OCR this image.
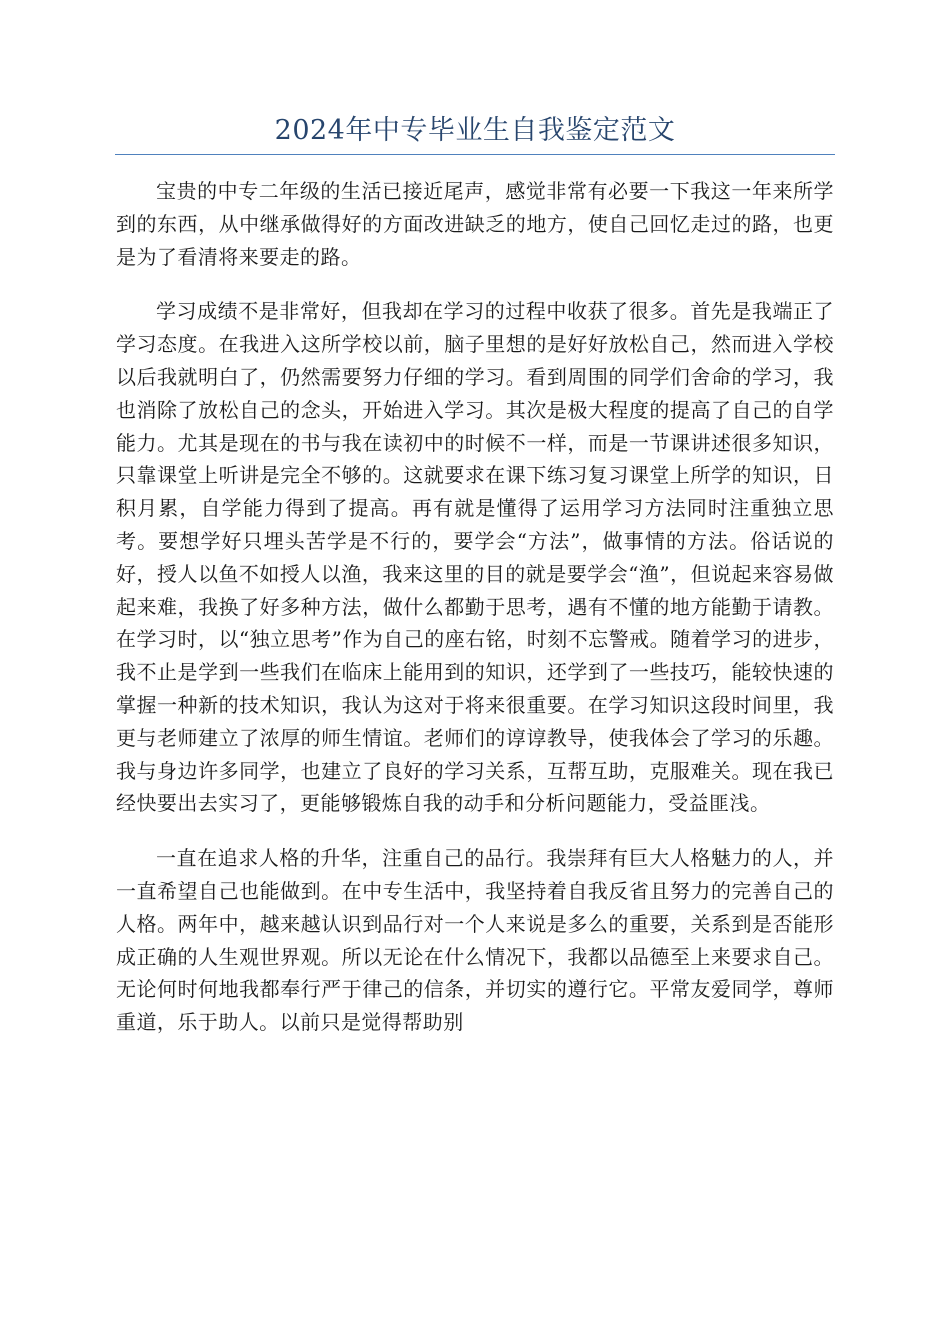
2024年中专毕业生自我鉴定范文

宝贵的中专二年级的生活已接近尾声，感觉非常有必要一下我这一年来所学到的东西，从中继承做得好的方面改进缺乏的地方，使自己回忆走过的路，也更是为了看清将来要走的路。

学习成绩不是非常好，但我却在学习的过程中收获了很多。首先是我端正了学习态度。在我进入这所学校以前，脑子里想的是好好放松自己，然而进入学校以后我就明白了，仍然需要努力仔细的学习。看到周围的同学们舍命的学习，我也消除了放松自己的念头，开始进入学习。其次是极大程度的提高了自己的自学能力。尤其是现在的书与我在读初中的时候不一样，而是一节课讲述很多知识，只靠课堂上听讲是完全不够的。这就要求在课下练习复习课堂上所学的知识，日积月累，自学能力得到了提高。再有就是懂得了运用学习方法同时注重独立思考。要想学好只埋头苦学是不行的，要学会“方法”，做事情的方法。俗话说的好，授人以鱼不如授人以渔，我来这里的目的就是要学会“渔”，但说起来容易做起来难，我换了好多种方法，做什么都勤于思考，遇有不懂的地方能勤于请教。在学习时，以“独立思考”作为自己的座右铭，时刻不忘警戒。随着学习的进步，我不止是学到一些我们在临床上能用到的知识，还学到了一些技巧，能较快速的掌握一种新的技术知识，我认为这对于将来很重要。在学习知识这段时间里，我更与老师建立了浓厚的师生情谊。老师们的谆谆教导，使我体会了学习的乐趣。我与身边许多同学，也建立了良好的学习关系，互帮互助，克服难关。现在我已经快要出去实习了，更能够锻炼自我的动手和分析问题能力，受益匪浅。

一直在追求人格的升华，注重自己的品行。我崇拜有巨大人格魅力的人，并一直希望自己也能做到。在中专生活中，我坚持着自我反省且努力的完善自己的人格。两年中，越来越认识到品行对一个人来说是多么的重要，关系到是否能形成正确的人生观世界观。所以无论在什么情况下，我都以品德至上来要求自己。无论何时何地我都奉行严于律己的信条，并切实的遵行它。平常友爱同学，尊师重道，乐于助人。以前只是觉得帮助别
